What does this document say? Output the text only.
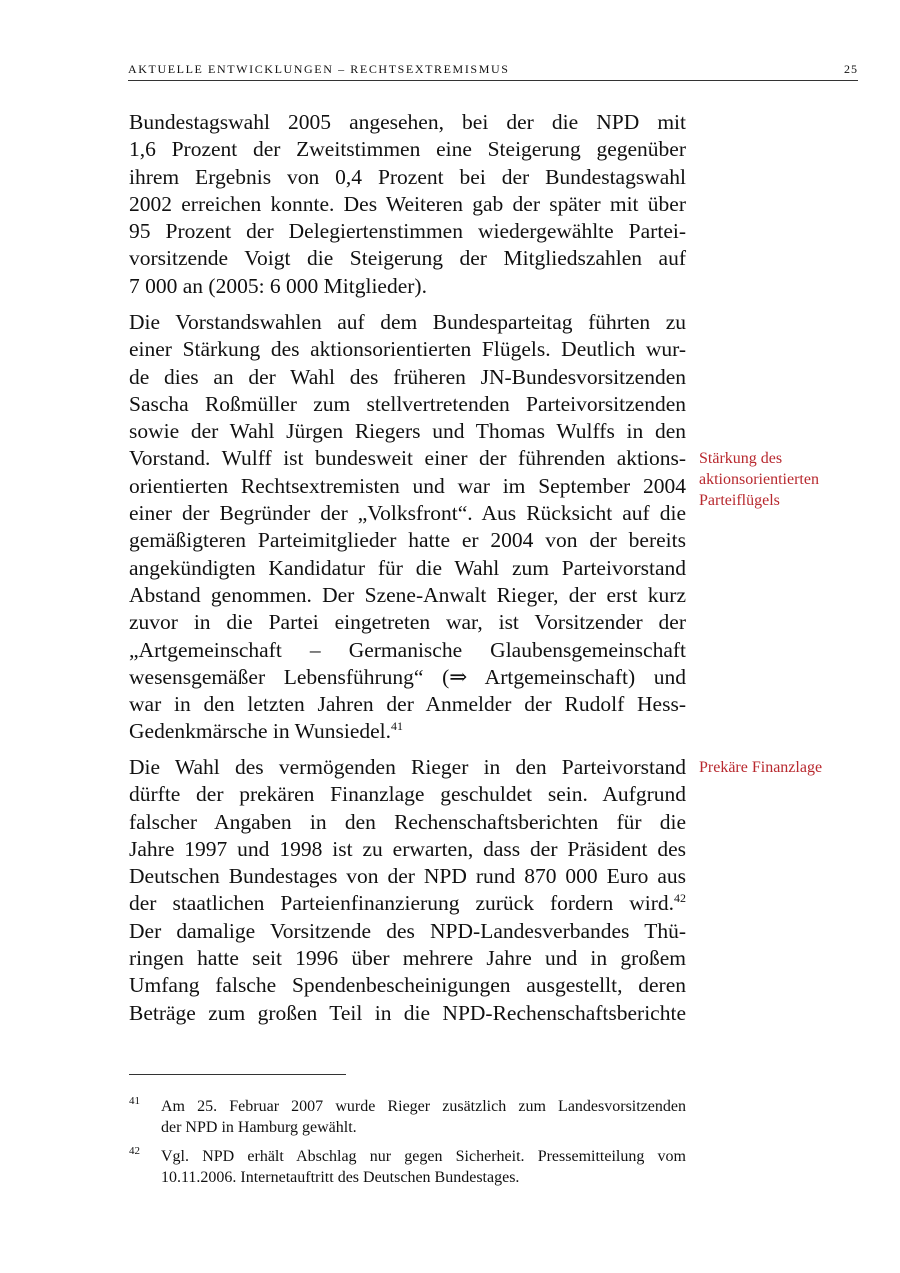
AKTUELLE ENTWICKLUNGEN – RECHTSEXTREMISMUS	25
Bundestagswahl 2005 angesehen, bei der die NPD mit
1,6 Prozent der Zweitstimmen eine Steigerung gegenüber
ihrem Ergebnis von 0,4 Prozent bei der Bundestagswahl
2002 erreichen konnte. Des Weiteren gab der später mit über
95 Prozent der Delegiertenstimmen wiedergewählte Partei-
vorsitzende Voigt die Steigerung der Mitgliedszahlen auf
7 000 an (2005: 6 000 Mitglieder).
Die Vorstandswahlen auf dem Bundesparteitag führten zu
einer Stärkung des aktionsorientierten Flügels. Deutlich wur-
de dies an der Wahl des früheren JN-Bundesvorsitzenden
Sascha Roßmüller zum stellvertretenden Parteivorsitzenden
sowie der Wahl Jürgen Riegers und Thomas Wulffs in den
Vorstand. Wulff ist bundesweit einer der führenden aktions-
orientierten Rechtsextremisten und war im September 2004
einer der Begründer der „Volksfront“. Aus Rücksicht auf die
gemäßigteren Parteimitglieder hatte er 2004 von der bereits
angekündigten Kandidatur für die Wahl zum Parteivorstand
Abstand genommen. Der Szene-Anwalt Rieger, der erst kurz
zuvor in die Partei eingetreten war, ist Vorsitzender der
„Artgemeinschaft – Germanische Glaubensgemeinschaft
wesensgemäßer Lebensführung“ (⇒ Artgemeinschaft) und
war in den letzten Jahren der Anmelder der Rudolf Hess-
Gedenkmärsche in Wunsiedel.$^{41}$
Die Wahl des vermögenden Rieger in den Parteivorstand
dürfte der prekären Finanzlage geschuldet sein. Aufgrund
falscher Angaben in den Rechenschaftsberichten für die
Jahre 1997 und 1998 ist zu erwarten, dass der Präsident des
Deutschen Bundestages von der NPD rund 870 000 Euro aus
der staatlichen Parteienfinanzierung zurück fordern wird.$^{42}$
Der damalige Vorsitzende des NPD-Landesverbandes Thü-
ringen hatte seit 1996 über mehrere Jahre und in großem
Umfang falsche Spendenbescheinigungen ausgestellt, deren
Beträge zum großen Teil in die NPD-Rechenschaftsberichte
Stärkung des
aktionsorientierten
Parteiflügels
Prekäre Finanzlage
41 Am 25. Februar 2007 wurde Rieger zusätzlich zum Landesvorsitzenden
der NPD in Hamburg gewählt.
42 Vgl. NPD erhält Abschlag nur gegen Sicherheit. Pressemitteilung vom
10.11.2006. Internetauftritt des Deutschen Bundestages.
